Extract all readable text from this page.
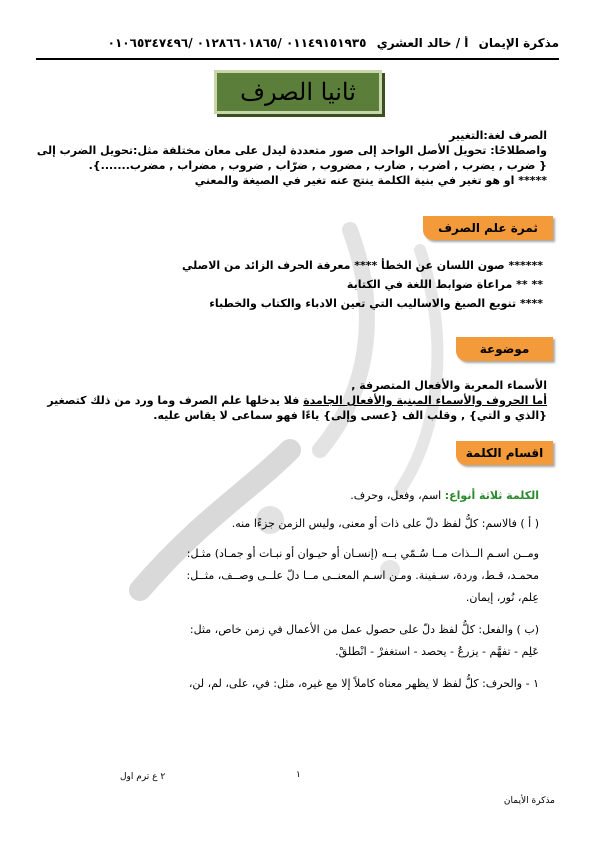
مذكرة الإيمان أ / خالد العشري ٠١١٤٩١٥١٩٣٥ /٠١٢٨٦٦٠١٨٦٥ /٠١٠٦٥٣٤٧٤٩٦
ثانيا الصرف

الصرف لغة:التغيير

واصطلاحًا: تحويل الأصل الواحد إلى صور متعددة ليدل على معان مختلفة مثل:تحويل الضرب إلى

{ ضرب , يضرب , اضرب , ضارب , مضروب , ضرّاب , ضروب , مضراب , مضرب.......}.

***** او هو تغير في بنية الكلمة ينتج عنه تغير في الصيغة والمعني

ثمرة علم الصرف

****** صون اللسان عن الخطأ **** معرفة الحرف الزائد من الاصلي

** ** مراعاة ضوابط اللغة في الكتابة

**** تنويع الصيغ والاساليب التي تعين الادباء والكتاب والخطباء

موضوعة

الأسماء المعربة والأفعال المتصرفة ,

أما الحروف والأسماء المبنية والأفعال الجامدة فلا يدخلها علم الصرف وما ورد من ذلك كتصغير

{الذي و التي} , وقلب الف {عسى وإلى} ياءًا فهو سماعى لا يقاس عليه.

اقسام الكلمة

الكلمة ثلاثة أنواع: اسم، وفعل، وحرف.

( أ ) فالاسم: كلُّ لفظ دلّ على ذات أو معنى، وليس الزمن جزءًا منه.

ومــن اسـم الــذات مــا سُـمّي بــه (إنسـان أو حيـوان أو نبـات أو جمـاد) مثـل:

محمـد، قـط، وردة، سـفينة. ومـن اسـم المعنــى مــا دلّ علــى وصــف، مثــل:

عِلم، نُور، إيمان.

(ب ) والفعل: كلُّ لفظ دلّ على حصول عمل من الأعمال في زمن خاص، مثل:

عَلِم - تفهَّم - يزرعُ - يحصد - استغفرْ - انْطلقْ.

١ - والحرف: كلُّ لفظ لا يظهر معناه كاملاً إلا مع غيره، مثل: في، على، لم، لن،

٢ ع ترم اول	١
مذكرة الأيمان
